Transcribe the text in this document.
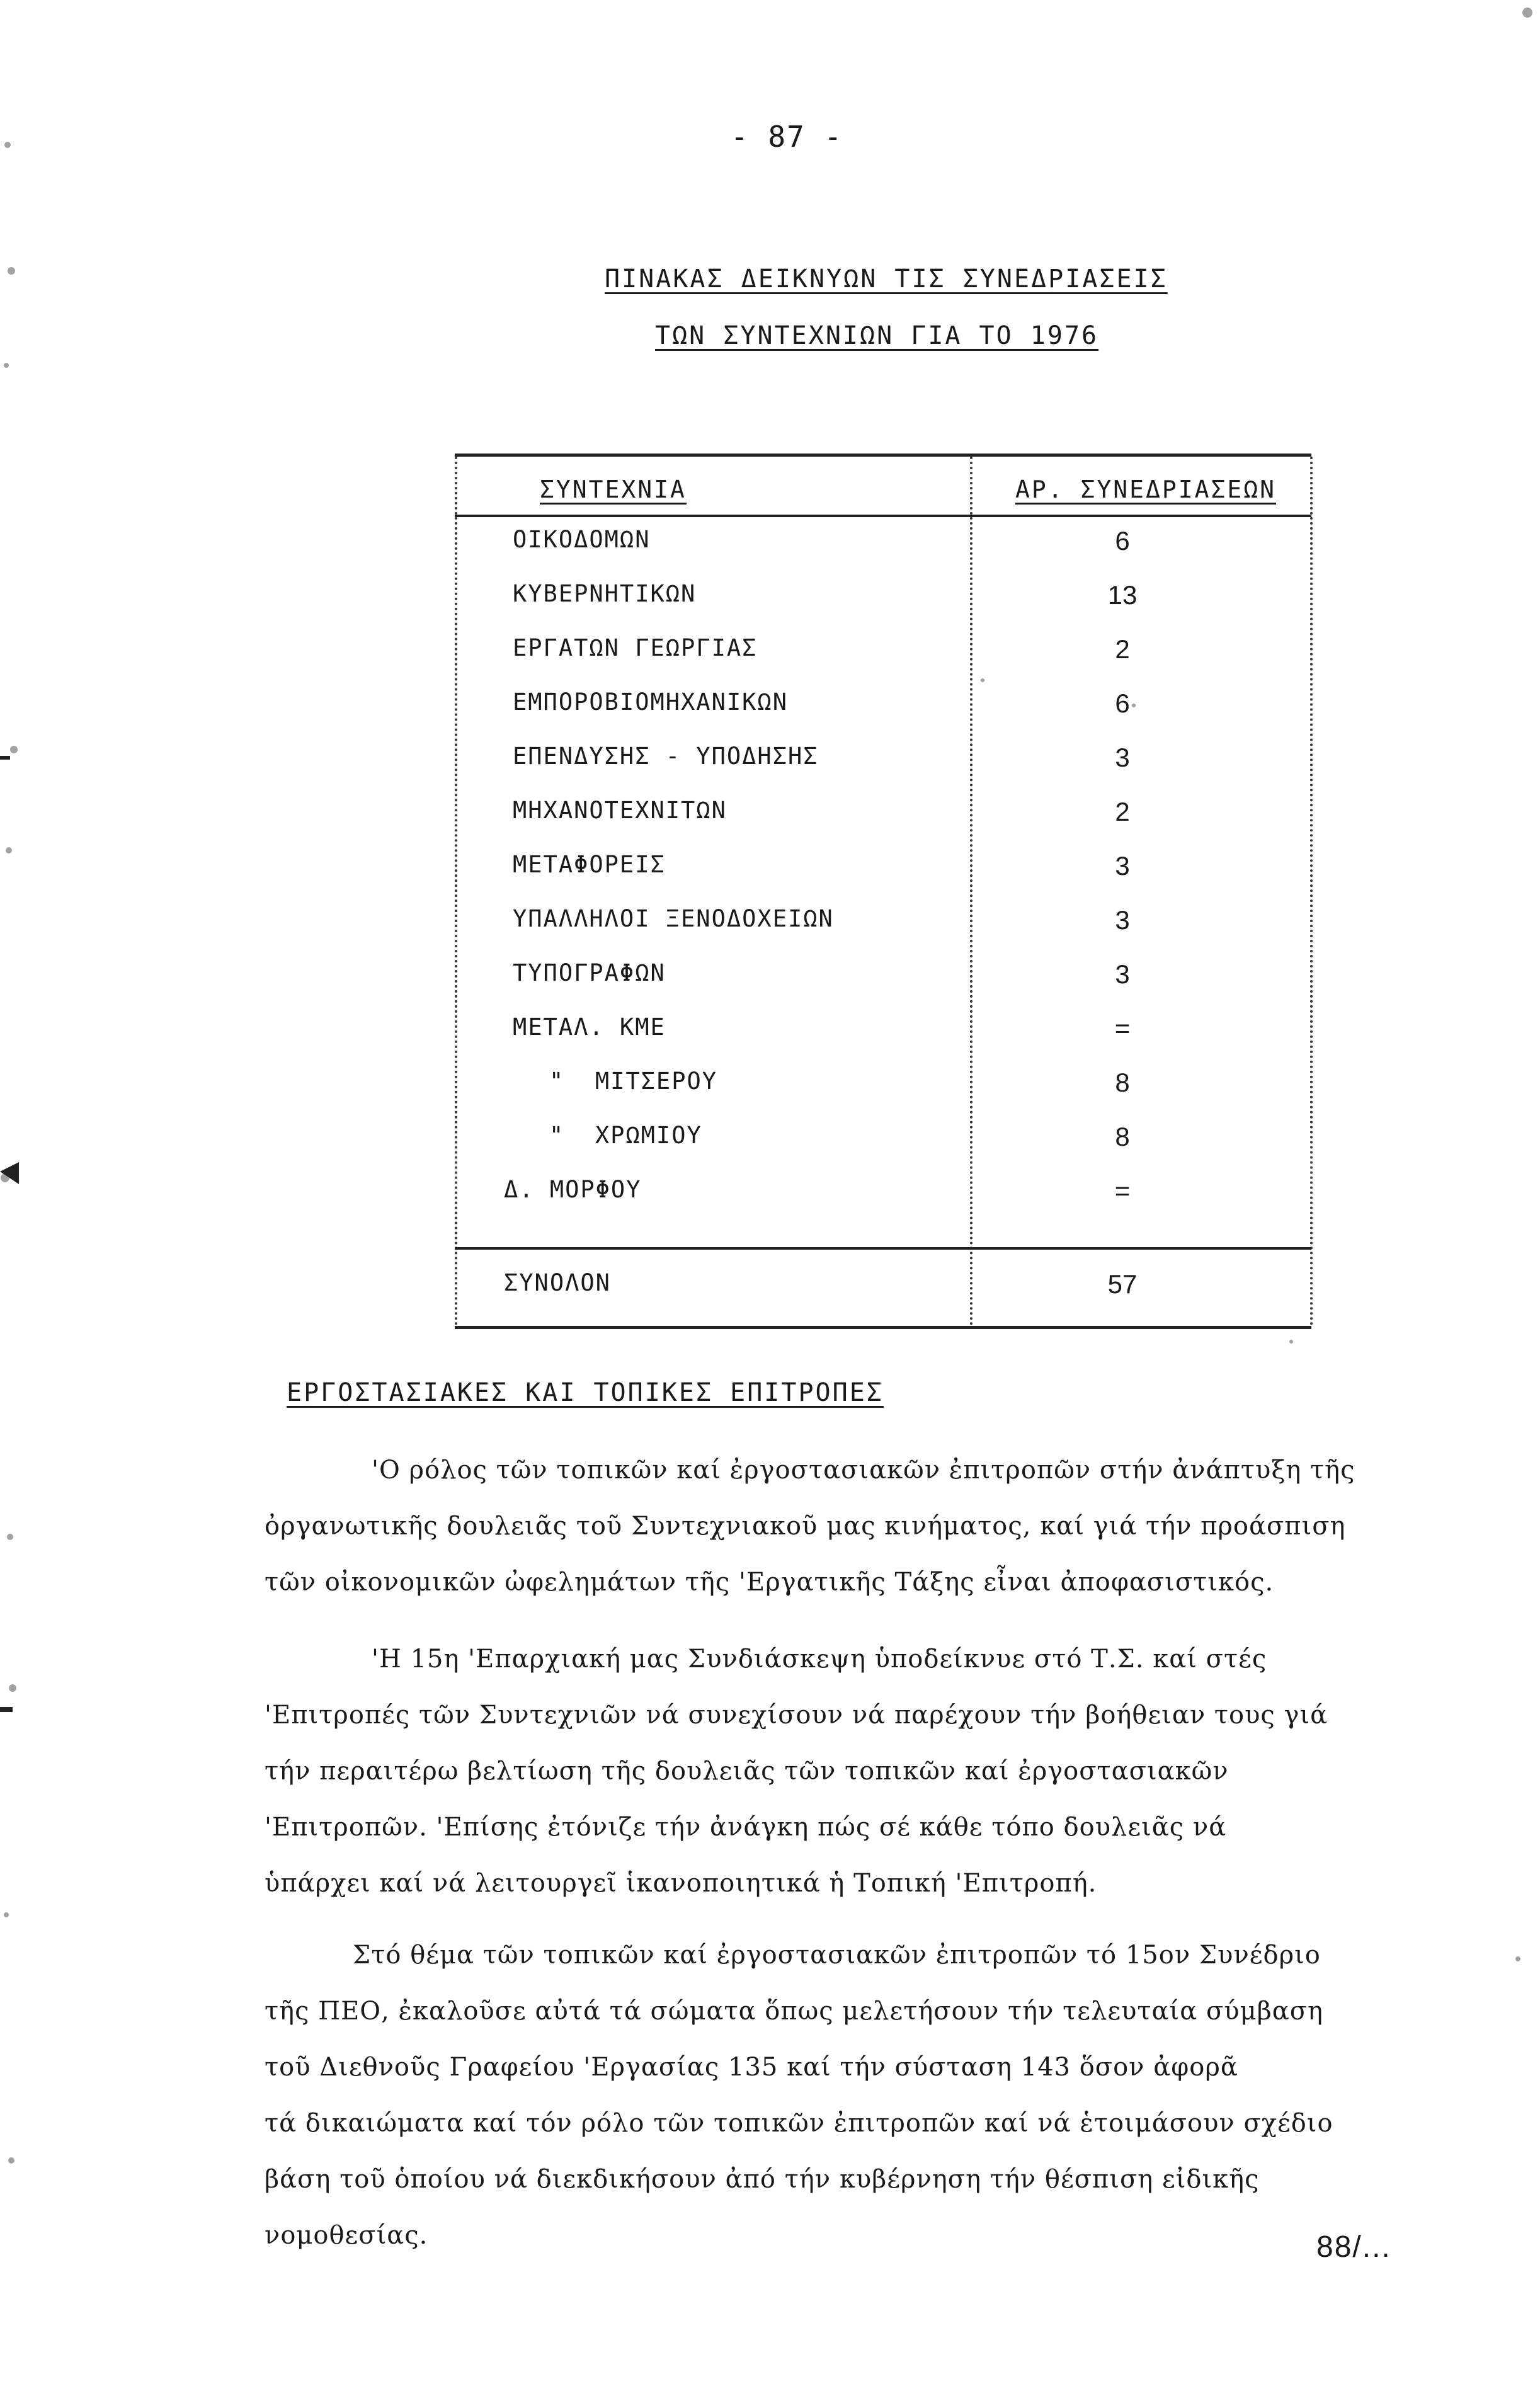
- 87 -
ΠΙΝΑΚΑΣ ΔΕΙΚΝΥΩΝ ΤΙΣ ΣΥΝΕΔΡΙΑΣΕΙΣ
ΤΩΝ ΣΥΝΤΕΧΝΙΩΝ ΓΙΑ ΤΟ 1976
ΣΥΝΤΕΧΝΙΑ	ΑΡ. ΣΥΝΕΔΡΙΑΣΕΩΝ
ΟΙΚΟΔΟΜΩΝ	6
ΚΥΒΕΡΝΗΤΙΚΩΝ	13
ΕΡΓΑΤΩΝ ΓΕΩΡΓΙΑΣ	2
ΕΜΠΟΡΟΒΙΟΜΗΧΑΝΙΚΩΝ	6
ΕΠΕΝΔΥΣΗΣ - ΥΠΟΔΗΣΗΣ	3
ΜΗΧΑΝΟΤΕΧΝΙΤΩΝ	2
ΜΕΤΑΦΟΡΕΙΣ	3
ΥΠΑΛΛΗΛΟΙ ΞΕΝΟΔΟΧΕΙΩΝ	3
ΤΥΠΟΓΡΑΦΩΝ	3
ΜΕΤΑΛ. ΚΜΕ	=
"  ΜΙΤΣΕΡΟΥ	8
"  ΧΡΩΜΙΟΥ	8
Δ. ΜΟΡΦΟΥ	=
ΣΥΝΟΛΟΝ	57
ΕΡΓΟΣΤΑΣΙΑΚΕΣ ΚΑΙ ΤΟΠΙΚΕΣ ΕΠΙΤΡΟΠΕΣ
'Ο ρόλος τῶν τοπικῶν καί ἐργοστασιακῶν ἐπιτροπῶν στήν ἀνάπτυξη τῆς
ὀργανωτικῆς δουλειᾶς τοῦ Συντεχνιακοῦ μας κινήματος, καί γιά τήν προάσπιση
τῶν οἰκονομικῶν ὠφελημάτων τῆς 'Εργατικῆς Τάξης εἶναι ἀποφασιστικός.
'Η 15η 'Επαρχιακή μας Συνδιάσκεψη ὑποδείκνυε στό Τ.Σ. καί στές
'Επιτροπές τῶν Συντεχνιῶν νά συνεχίσουν νά παρέχουν τήν βοήθειαν τους γιά
τήν περαιτέρω βελτίωση τῆς δουλειᾶς τῶν τοπικῶν καί ἐργοστασιακῶν
'Επιτροπῶν. 'Επίσης ἐτόνιζε τήν ἀνάγκη πώς σέ κάθε τόπο δουλειᾶς νά
ὑπάρχει καί νά λειτουργεῖ ἱκανοποιητικά ἡ Τοπική 'Επιτροπή.
Στό θέμα τῶν τοπικῶν καί ἐργοστασιακῶν ἐπιτροπῶν τό 15ον Συνέδριο
τῆς ΠΕΟ, ἐκαλοῦσε αὐτά τά σώματα ὅπως μελετήσουν τήν τελευταία σύμβαση
τοῦ Διεθνοῦς Γραφείου 'Εργασίας 135 καί τήν σύσταση 143 ὅσον ἀφορᾶ
τά δικαιώματα καί τόν ρόλο τῶν τοπικῶν ἐπιτροπῶν καί νά ἑτοιμάσουν σχέδιο
βάση τοῦ ὁποίου νά διεκδικήσουν ἀπό τήν κυβέρνηση τήν θέσπιση εἰδικῆς
νομοθεσίας.	88/...
